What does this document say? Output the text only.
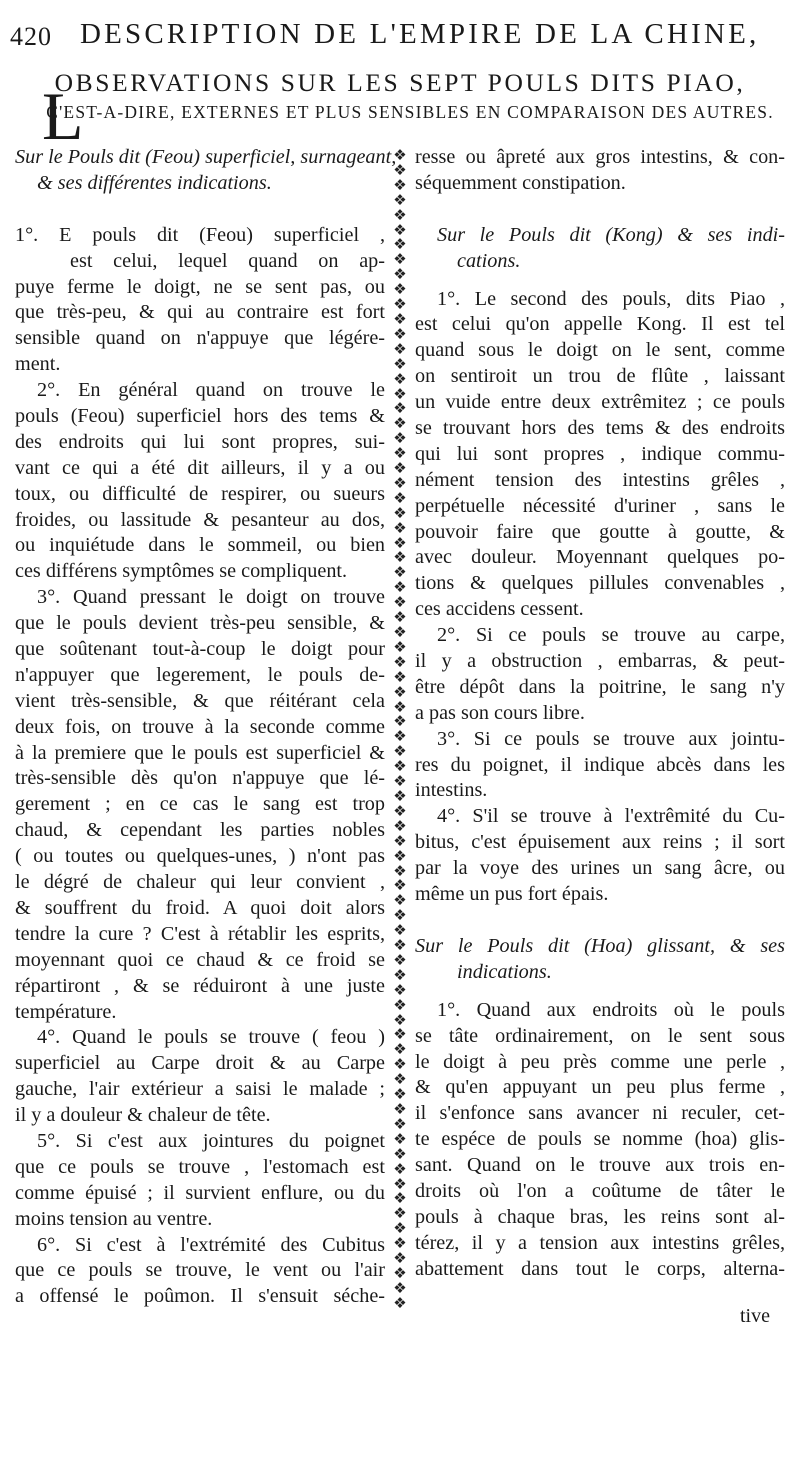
420 DESCRIPTION DE L'EMPIRE DE LA CHINE,
OBSERVATIONS SUR LES SEPT POULS DITS PIAO,
C'EST-A-DIRE, EXTERNES ET PLUS SENSIBLES EN COMPARAISON DES AUTRES.
Sur le Pouls dit (Feou) superficiel, surnageant,
& ses différentes indications.
1°. E pouls dit (Feou) superficiel ,
est celui, lequel quand on ap-
puye ferme le doigt, ne se sent pas, ou
que très-peu, & qui au contraire est fort
sensible quand on n'appuye que légére-
ment.
2°. En général quand on trouve le
pouls (Feou) superficiel hors des tems &
des endroits qui lui sont propres, sui-
vant ce qui a été dit ailleurs, il y a ou
toux, ou difficulté de respirer, ou sueurs
froides, ou lassitude & pesanteur au dos,
ou inquiétude dans le sommeil, ou bien
ces différens symptômes se compliquent.
3°. Quand pressant le doigt on trouve
que le pouls devient très-peu sensible, &
que soûtenant tout-à-coup le doigt pour
n'appuyer que legerement, le pouls de-
vient très-sensible, & que réitérant cela
deux fois, on trouve à la seconde comme
à la premiere que le pouls est superficiel &
très-sensible dès qu'on n'appuye que lé-
gerement ; en ce cas le sang est trop
chaud, & cependant les parties nobles
( ou toutes ou quelques-unes, ) n'ont pas
le dégré de chaleur qui leur convient ,
& souffrent du froid. A quoi doit alors
tendre la cure ? C'est à rétablir les esprits,
moyennant quoi ce chaud & ce froid se
répartiront , & se réduiront à une juste
température.
4°. Quand le pouls se trouve ( feou )
superficiel au Carpe droit & au Carpe
gauche, l'air extérieur a saisi le malade ;
il y a douleur & chaleur de tête.
5°. Si c'est aux jointures du poignet
que ce pouls se trouve , l'estomach est
comme épuisé ; il survient enflure, ou du
moins tension au ventre.
6°. Si c'est à l'extrémité des Cubitus
que ce pouls se trouve, le vent ou l'air
a offensé le poûmon. Il s'ensuit séche-
resse ou âpreté aux gros intestins, & con-
séquemment constipation.
Sur le Pouls dit (Kong) & ses indi-
cations.
1°. Le second des pouls, dits Piao ,
est celui qu'on appelle Kong. Il est tel
quand sous le doigt on le sent, comme
on sentiroit un trou de flûte , laissant
un vuide entre deux extrêmitez ; ce pouls
se trouvant hors des tems & des endroits
qui lui sont propres , indique commu-
nément tension des intestins grêles ,
perpétuelle nécessité d'uriner , sans le
pouvoir faire que goutte à goutte, &
avec douleur. Moyennant quelques po-
tions & quelques pillules convenables ,
ces accidens cessent.
2°. Si ce pouls se trouve au carpe,
il y a obstruction , embarras, & peut-
être dépôt dans la poitrine, le sang n'y
a pas son cours libre.
3°. Si ce pouls se trouve aux jointu-
res du poignet, il indique abcès dans les
intestins.
4°. S'il se trouve à l'extrêmité du Cu-
bitus, c'est épuisement aux reins ; il sort
par la voye des urines un sang âcre, ou
même un pus fort épais.
Sur le Pouls dit (Hoa) glissant, & ses
indications.
1°. Quand aux endroits où le pouls
se tâte ordinairement, on le sent sous
le doigt à peu près comme une perle ,
& qu'en appuyant un peu plus ferme ,
il s'enfonce sans avancer ni reculer, cet-
te espéce de pouls se nomme (hoa) glis-
sant. Quand on le trouve aux trois en-
droits où l'on a coûtume de tâter le
pouls à chaque bras, les reins sont al-
térez, il y a tension aux intestins grêles,
abattement dans tout le corps, alterna-
L
❖
❖
❖
❖
❖
❖
❖
❖
❖
❖
❖
❖
❖
❖
❖
❖
❖
❖
❖
❖
❖
❖
❖
❖
❖
❖
❖
❖
❖
❖
❖
❖
❖
❖
❖
❖
❖
❖
❖
❖
❖
❖
❖
❖
❖
❖
❖
❖
❖
❖
❖
❖
❖
❖
❖
❖
❖
❖
❖
❖
❖
❖
❖
❖
❖
❖
❖
❖
❖
❖
❖
❖
❖
❖
❖
❖
❖
❖

tive
